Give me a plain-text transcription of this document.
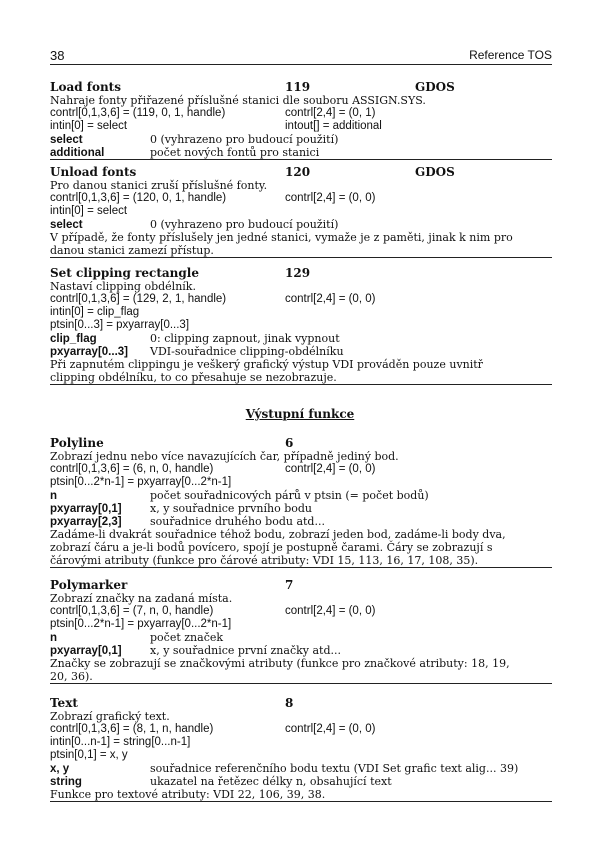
38	Reference TOS
Load fonts	119	GDOS
Nahraje fonty přiřazené příslušné stanici dle souboru ASSIGN.SYS.
contrl[0,1,3,6] = (119, 0, 1, handle)	contrl[2,4] = (0, 1)
intin[0] = select	intout[] = additional
select	0 (vyhrazeno pro budoucí použití)
additional	počet nových fontů pro stanici
Unload fonts	120	GDOS
Pro danou stanici zruší příslušné fonty.
contrl[0,1,3,6] = (120, 0, 1, handle)	contrl[2,4] = (0, 0)
intin[0] = select
select	0 (vyhrazeno pro budoucí použití)
V případě, že fonty příslušely jen jedné stanici, vymaže je z paměti, jinak k nim pro
danou stanici zamezí přístup.
Set clipping rectangle	129
Nastaví clipping obdélník.
contrl[0,1,3,6] = (129, 2, 1, handle)	contrl[2,4] = (0, 0)
intin[0] = clip_flag
ptsin[0...3] = pxyarray[0...3]
clip_flag	0: clipping zapnout, jinak vypnout
pxyarray[0...3] VDI-souřadnice clipping-obdélníku
Při zapnutém clippingu je veškerý grafický výstup VDI prováděn pouze uvnitř
clipping obdélníku, to co přesahuje se nezobrazuje.
Výstupní funkce
Polyline	6
Zobrazí jednu nebo více navazujících čar, případně jediný bod.
contrl[0,1,3,6] = (6, n, 0, handle)	contrl[2,4] = (0, 0)
ptsin[0...2*n-1] = pxyarray[0...2*n-1]
n	počet souřadnicových párů v ptsin (= počet bodů)
pxyarray[0,1]	x, y souřadnice prvního bodu
pxyarray[2,3]	souřadnice druhého bodu atd...
Zadáme-li dvakrát souřadnice téhož bodu, zobrazí jeden bod, zadáme-li body dva,
zobrazí čáru a je-li bodů povícero, spojí je postupně čarami. Čáry se zobrazují s
čárovými atributy (funkce pro čárové atributy: VDI 15, 113, 16, 17, 108, 35).
Polymarker	7
Zobrazí značky na zadaná místa.
contrl[0,1,3,6] = (7, n, 0, handle)	contrl[2,4] = (0, 0)
ptsin[0...2*n-1] = pxyarray[0...2*n-1]
n	počet značek
pxyarray[0,1]	x, y souřadnice první značky atd...
Značky se zobrazují se značkovými atributy (funkce pro značkové atributy: 18, 19,
20, 36).
Text	8
Zobrazí grafický text.
contrl[0,1,3,6] = (8, 1, n, handle)	contrl[2,4] = (0, 0)
intin[0...n-1] = string[0...n-1]
ptsin[0,1] = x, y
x, y	souřadnice referenčního bodu textu (VDI Set grafic text alig... 39)
string	ukazatel na řetězec délky n, obsahující text
Funkce pro textové atributy: VDI 22, 106, 39, 38.
